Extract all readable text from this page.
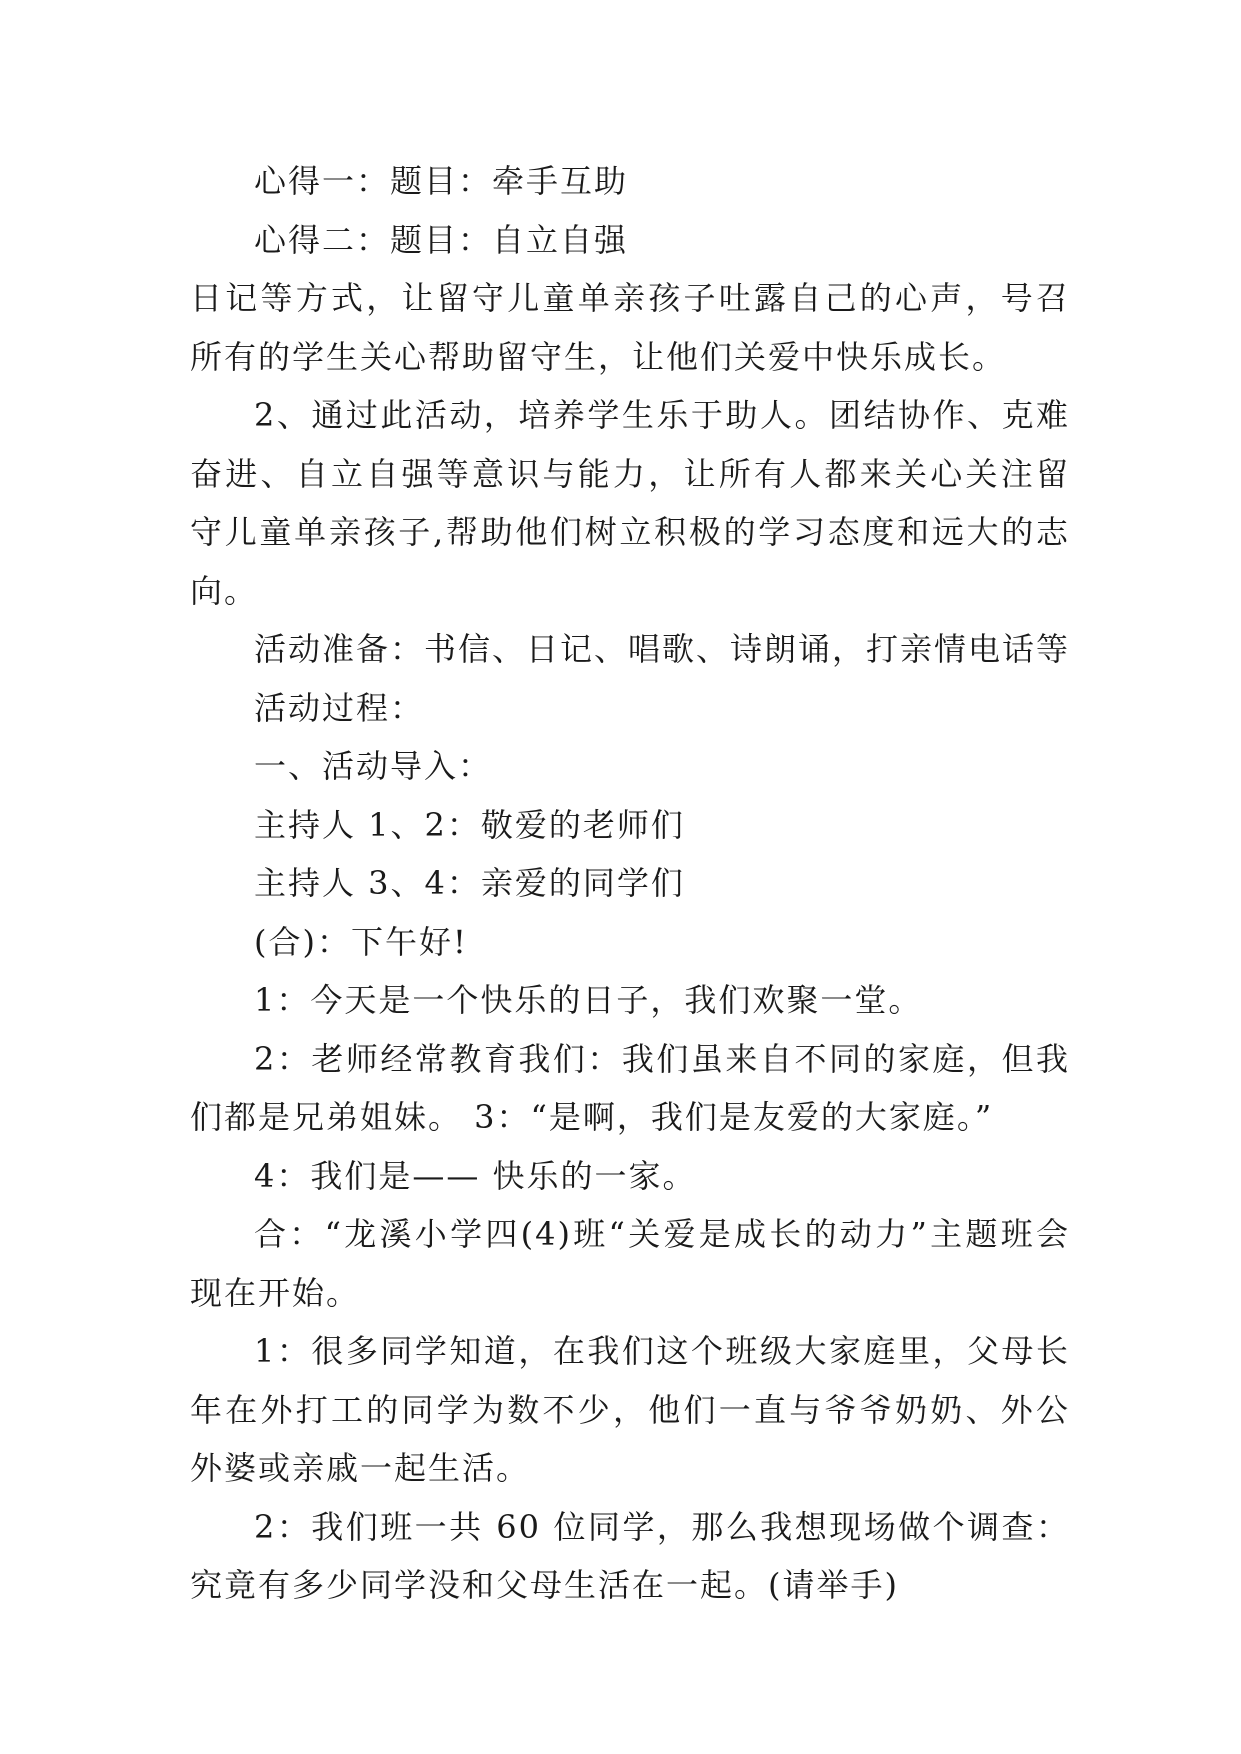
心得一：题目：牵手互助

心得二：题目：自立自强

日记等方式，让留守儿童单亲孩子吐露自己的心声，号召所有的学生关心帮助留守生，让他们关爱中快乐成长。

2、通过此活动，培养学生乐于助人。团结协作、克难奋进、自立自强等意识与能力，让所有人都来关心关注留守儿童单亲孩子,帮助他们树立积极的学习态度和远大的志向。

活动准备：书信、日记、唱歌、诗朗诵，打亲情电话等

活动过程：

一、活动导入：

主持人 1、2：敬爱的老师们

主持人 3、4：亲爱的同学们

(合)：下午好!

1：今天是一个快乐的日子，我们欢聚一堂。

2：老师经常教育我们：我们虽来自不同的家庭，但我们都是兄弟姐妹。 3：“是啊，我们是友爱的大家庭。”

4：我们是—— 快乐的一家。

合：“龙溪小学四(4)班“关爱是成长的动力”主题班会现在开始。

1：很多同学知道，在我们这个班级大家庭里，父母长年在外打工的同学为数不少，他们一直与爷爷奶奶、外公外婆或亲戚一起生活。

2：我们班一共 60 位同学，那么我想现场做个调查：究竟有多少同学没和父母生活在一起。(请举手)
